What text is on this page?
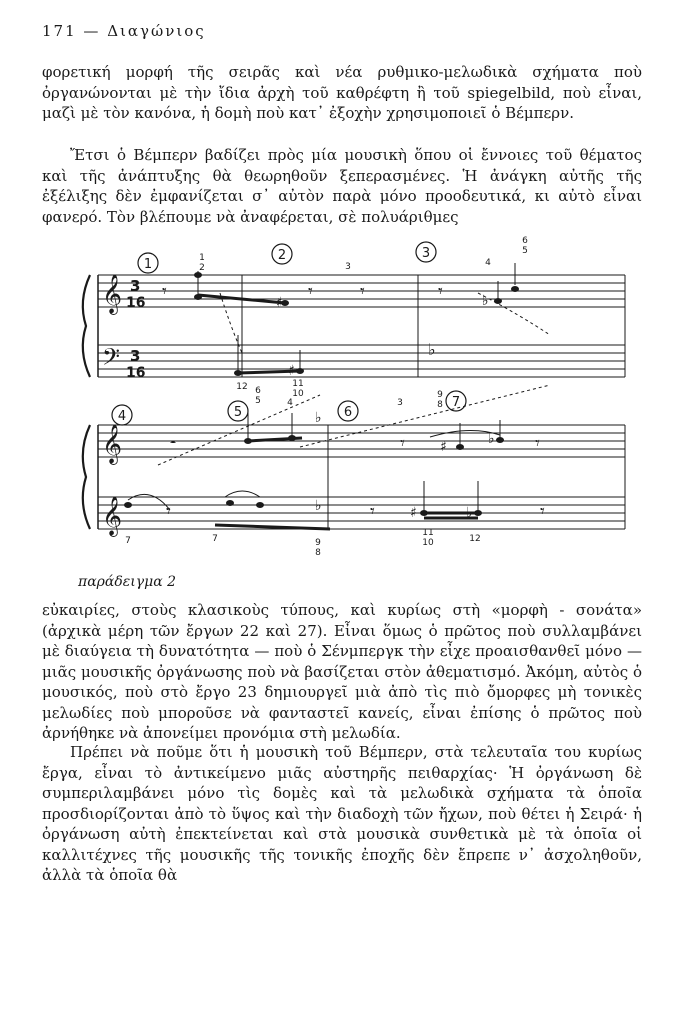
171 — Διαγώνιος

φορετική μορφή τῆς σειρᾶς καὶ νέα ρυθμικο-μελωδικὰ σχήματα ποὺ ὀργανώνονται μὲ τὴν ἴδια ἀρχὴ τοῦ καθρέφτη ἢ τοῦ spiegelbild, ποὺ εἶναι, μαζὶ μὲ τὸν κανόνα, ἡ δομὴ ποὺ κατ᾿ ἐξοχὴν χρησιμοποιεῖ ὁ Βέμπερν.

Ἔτσι ὁ Βέμπερν βαδίζει πρὸς μία μουσικὴ ὅπου οἱ ἔννοιες τοῦ θέματος καὶ τῆς ἀνάπτυξης θὰ θεωρηθοῦν ξεπερασμένες. Ἡ ἀνάγκη αὐτῆς τῆς ἐξέλιξης δὲν ἐμφανίζεται σ᾿ αὐτὸν παρὰ μόνο προοδευτικά, κι αὐτὸ εἶναι φανερό. Τὸν βλέπουμε νὰ ἀναφέρεται, σὲ πολυάριθμες

𝄞
𝄢
𝄞
𝄞
3
16
3
16
𝄾	𝄾	𝄾	𝄾
𝄼	𝄾	𝄾
𝄾	𝄾	𝄾
♯
♯
♭
♭
♭
♯	♭
♭	♯	♭
1
2	3
4	5	6
7
1
2	3	4
5
6
12	11
10
6
5	4	3
9
8
7	7	9
8
11
10	12
παράδειγμα 2

εὐκαιρίες, στοὺς κλασικοὺς τύπους, καὶ κυρίως στὴ «μορφὴ - σονάτα» (ἀρχικὰ μέρη τῶν ἔργων 22 καὶ 27). Εἶναι ὅμως ὁ πρῶτος ποὺ συλλαμβάνει μὲ διαύγεια τὴ δυνατότητα — ποὺ ὁ Σένμπεργκ τὴν εἶχε προαισθανθεῖ μόνο — μιᾶς μουσικῆς ὀργάνωσης ποὺ νὰ βασίζεται στὸν ἀθεματισμό. Ἀκόμη, αὐτὸς ὁ μουσικός, ποὺ στὸ ἔργο 23 δημιουργεῖ μιὰ ἀπὸ τὶς πιὸ ὄμορφες μὴ τονικὲς μελωδίες ποὺ μποροῦσε νὰ φανταστεῖ κανείς, εἶναι ἐπίσης ὁ πρῶτος ποὺ ἀρνήθηκε νὰ ἀπονείμει προνόμια στὴ μελωδία.

Πρέπει νὰ ποῦμε ὅτι ἡ μουσικὴ τοῦ Βέμπερν, στὰ τελευταῖα του κυρίως ἔργα, εἶναι τὸ ἀντικείμενο μιᾶς αὐστηρῆς πειθαρχίας· Ἡ ὀργάνωση δὲ συμπεριλαμβάνει μόνο τὶς δομὲς καὶ τὰ μελωδικὰ σχήματα τὰ ὁποῖα προσδιορίζονται ἀπὸ τὸ ὕψος καὶ τὴν διαδοχὴ τῶν ἤχων, ποὺ θέτει ἡ Σειρά· ἡ ὀργάνωση αὐτὴ ἐπεκτείνεται καὶ στὰ μουσικὰ συνθετικὰ μὲ τὰ ὁποῖα οἱ καλλιτέχνες τῆς μουσικῆς τῆς τονικῆς ἐποχῆς δὲν ἔπρεπε ν᾿ ἀσχοληθοῦν, ἀλλὰ τὰ ὁποῖα θὰ
